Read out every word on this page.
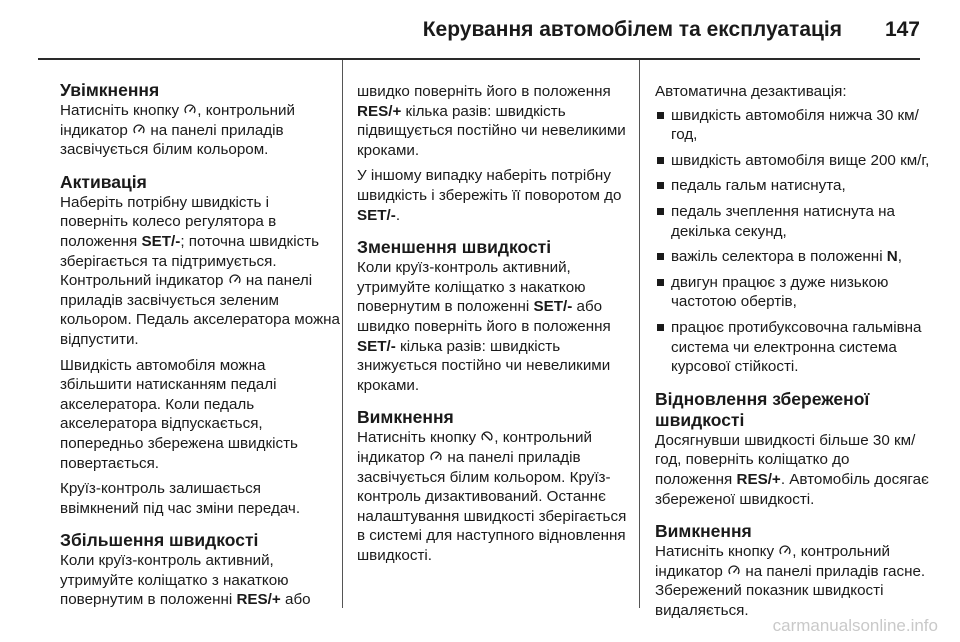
Керування автомобілем та експлуатація 147
Увімкнення

Натисніть кнопку , контрольний індикатор  на панелі приладів засвічується білим кольором.

Активація

Наберіть потрібну швидкість і поверніть колесо регулятора в положення SET/-; поточна швидкість зберігається та підтримується. Контрольний індикатор  на панелі приладів засвічується зеленим кольором. Педаль акселератора можна відпустити.

Швидкість автомобіля можна збільшити натисканням педалі акселератора. Коли педаль акселератора відпускається, попередньо збережена швидкість повертається.

Круїз-контроль залишається ввімкнений під час зміни передач.

Збільшення швидкості

Коли круїз-контроль активний, утримуйте коліщатко з накаткою повернутим в положенні RES/+ або

швидко поверніть його в положення RES/+ кілька разів: швидкість підвищується постійно чи невеликими кроками.

У іншому випадку наберіть потрібну швидкість і збережіть її поворотом до SET/-.

Зменшення швидкості

Коли круїз-контроль активний, утримуйте коліщатко з накаткою повернутим в положенні SET/- або швидко поверніть його в положення SET/- кілька разів: швидкість знижується постійно чи невеликими кроками.

Вимкнення

Натисніть кнопку , контрольний індикатор  на панелі приладів засвічується білим кольором. Круїз-контроль дизактивований. Останнє налаштування швидкості зберігається в системі для наступного відновлення швидкості.

Автоматична дезактивація:

швидкість автомобіля нижча 30 км/год,
швидкість автомобіля вище 200 км/г,
педаль гальм натиснута,
педаль зчеплення натиснута на декілька секунд,
важіль селектора в положенні N,
двигун працює з дуже низькою частотою обертів,
працює протибуксовочна гальмівна система чи електронна система курсової стійкості.
Відновлення збереженої швидкості

Досягнувши швидкості більше 30 км/год, поверніть коліщатко до положення RES/+. Автомобіль досягає збереженої швидкості.

Вимкнення

Натисніть кнопку , контрольний індикатор  на панелі приладів гасне. Збережений показник швидкості видаляється.

carmanualsonline.info
